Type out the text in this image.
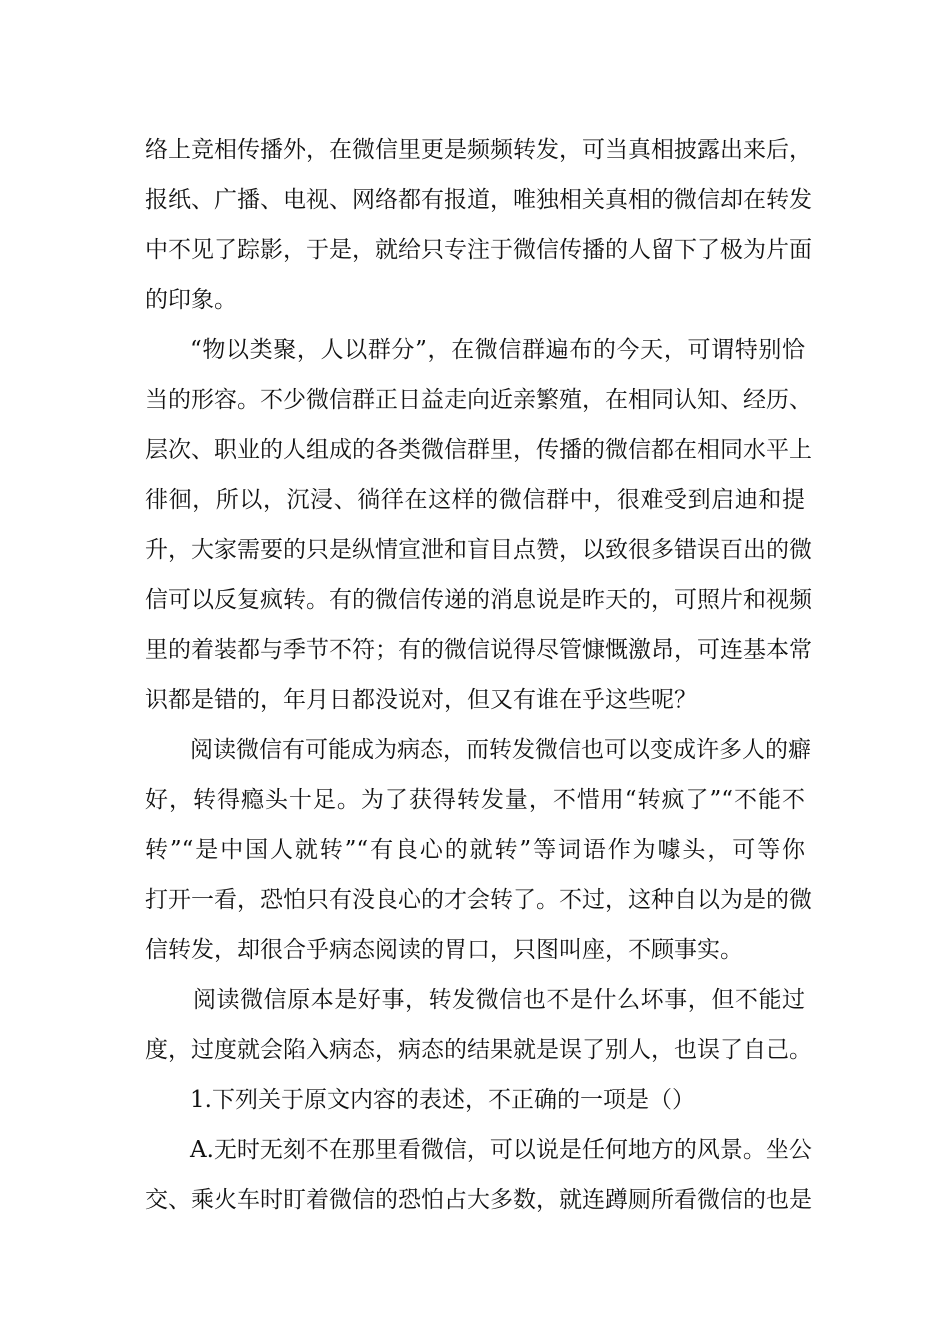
络上竞相传播外，在微信里更是频频转发，可当真相披露出来后，
报纸、广播、电视、网络都有报道，唯独相关真相的微信却在转发
中不见了踪影，于是，就给只专注于微信传播的人留下了极为片面
的印象。
“物以类聚，人以群分”，在微信群遍布的今天，可谓特别恰
当的形容。不少微信群正日益走向近亲繁殖，在相同认知、经历、
层次、职业的人组成的各类微信群里，传播的微信都在相同水平上
徘徊，所以，沉浸、徜徉在这样的微信群中，很难受到启迪和提
升，大家需要的只是纵情宣泄和盲目点赞，以致很多错误百出的微
信可以反复疯转。有的微信传递的消息说是昨天的，可照片和视频
里的着装都与季节不符；有的微信说得尽管慷慨激昂，可连基本常
识都是错的，年月日都没说对，但又有谁在乎这些呢？
阅读微信有可能成为病态，而转发微信也可以变成许多人的癖
好，转得瘾头十足。为了获得转发量，不惜用“转疯了”“不能不
转”“是中国人就转”“有良心的就转”等词语作为噱头，可等你
打开一看，恐怕只有没良心的才会转了。不过，这种自以为是的微
信转发，却很合乎病态阅读的胃口，只图叫座，不顾事实。
阅读微信原本是好事，转发微信也不是什么坏事，但不能过
度，过度就会陷入病态，病态的结果就是误了别人，也误了自己。
1.下列关于原文内容的表述，不正确的一项是（）
A.无时无刻不在那里看微信，可以说是任何地方的风景。坐公
交、乘火车时盯着微信的恐怕占大多数，就连蹲厕所看微信的也是
